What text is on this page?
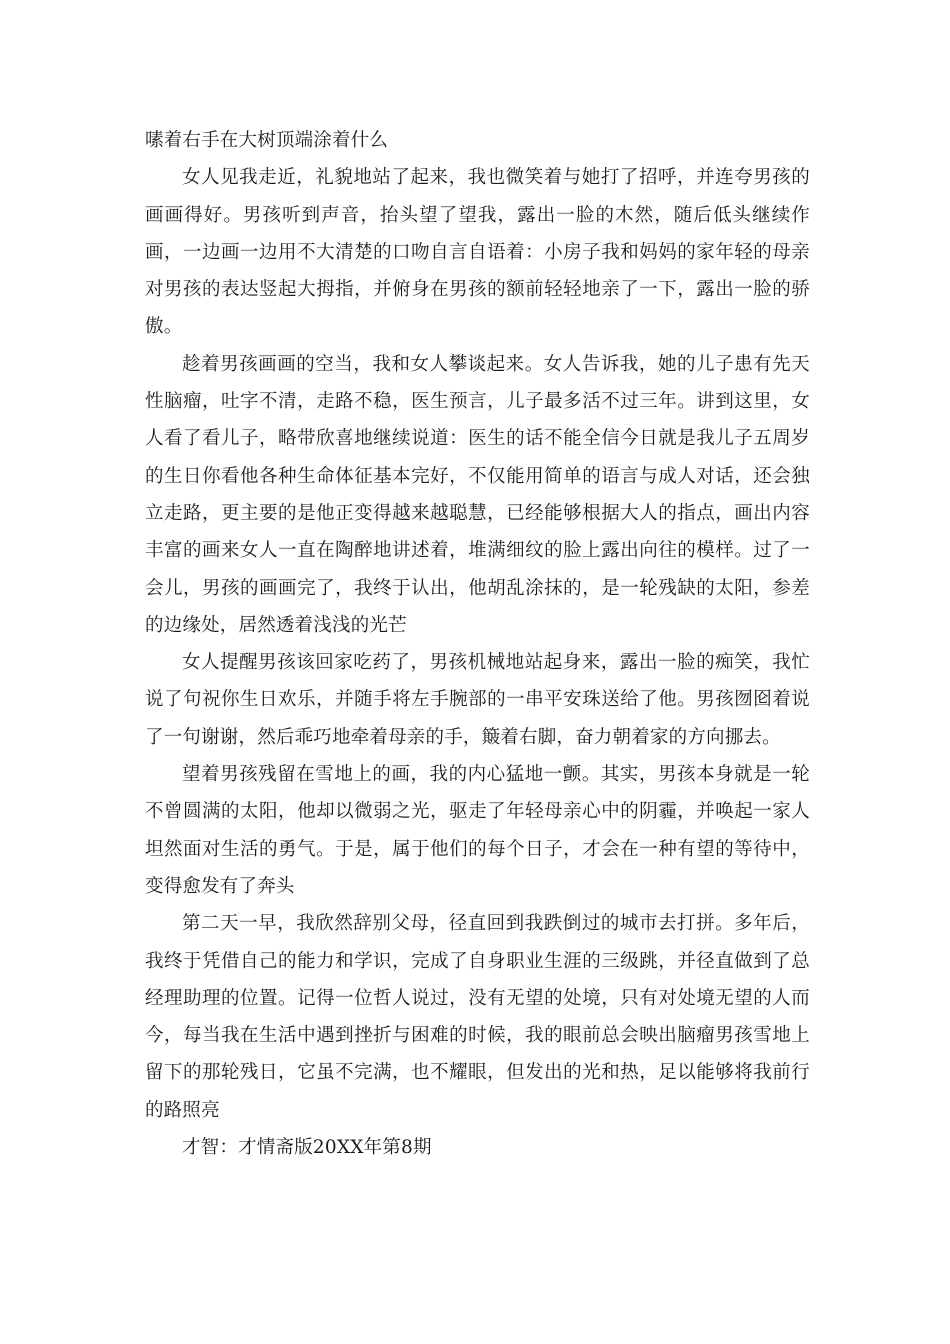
嗉着右手在大树顶端涂着什么

女人见我走近，礼貌地站了起来，我也微笑着与她打了招呼，并连夸男孩的画画得好。男孩听到声音，抬头望了望我，露出一脸的木然，随后低头继续作画，一边画一边用不大清楚的口吻自言自语着：小房子我和妈妈的家年轻的母亲对男孩的表达竖起大拇指，并俯身在男孩的额前轻轻地亲了一下，露出一脸的骄傲。

趁着男孩画画的空当，我和女人攀谈起来。女人告诉我，她的儿子患有先天性脑瘤，吐字不清，走路不稳，医生预言，儿子最多活不过三年。讲到这里，女人看了看儿子，略带欣喜地继续说道：医生的话不能全信今日就是我儿子五周岁的生日你看他各种生命体征基本完好，不仅能用简单的语言与成人对话，还会独立走路，更主要的是他正变得越来越聪慧，已经能够根据大人的指点，画出内容丰富的画来女人一直在陶醉地讲述着，堆满细纹的脸上露出向往的模样。过了一会儿，男孩的画画完了，我终于认出，他胡乱涂抹的，是一轮残缺的太阳，参差的边缘处，居然透着浅浅的光芒

女人提醒男孩该回家吃药了，男孩机械地站起身来，露出一脸的痴笑，我忙说了句祝你生日欢乐，并随手将左手腕部的一串平安珠送给了他。男孩囫囵着说了一句谢谢，然后乖巧地牵着母亲的手，簸着右脚，奋力朝着家的方向挪去。

望着男孩残留在雪地上的画，我的内心猛地一颤。其实，男孩本身就是一轮不曾圆满的太阳，他却以微弱之光，驱走了年轻母亲心中的阴霾，并唤起一家人坦然面对生活的勇气。于是，属于他们的每个日子，才会在一种有望的等待中，变得愈发有了奔头

第二天一早，我欣然辞别父母，径直回到我跌倒过的城市去打拼。多年后，我终于凭借自己的能力和学识，完成了自身职业生涯的三级跳，并径直做到了总经理助理的位置。记得一位哲人说过，没有无望的处境，只有对处境无望的人而今，每当我在生活中遇到挫折与困难的时候，我的眼前总会映出脑瘤男孩雪地上留下的那轮残日，它虽不完满，也不耀眼，但发出的光和热，足以能够将我前行的路照亮

才智：才情斋版20XX年第8期
